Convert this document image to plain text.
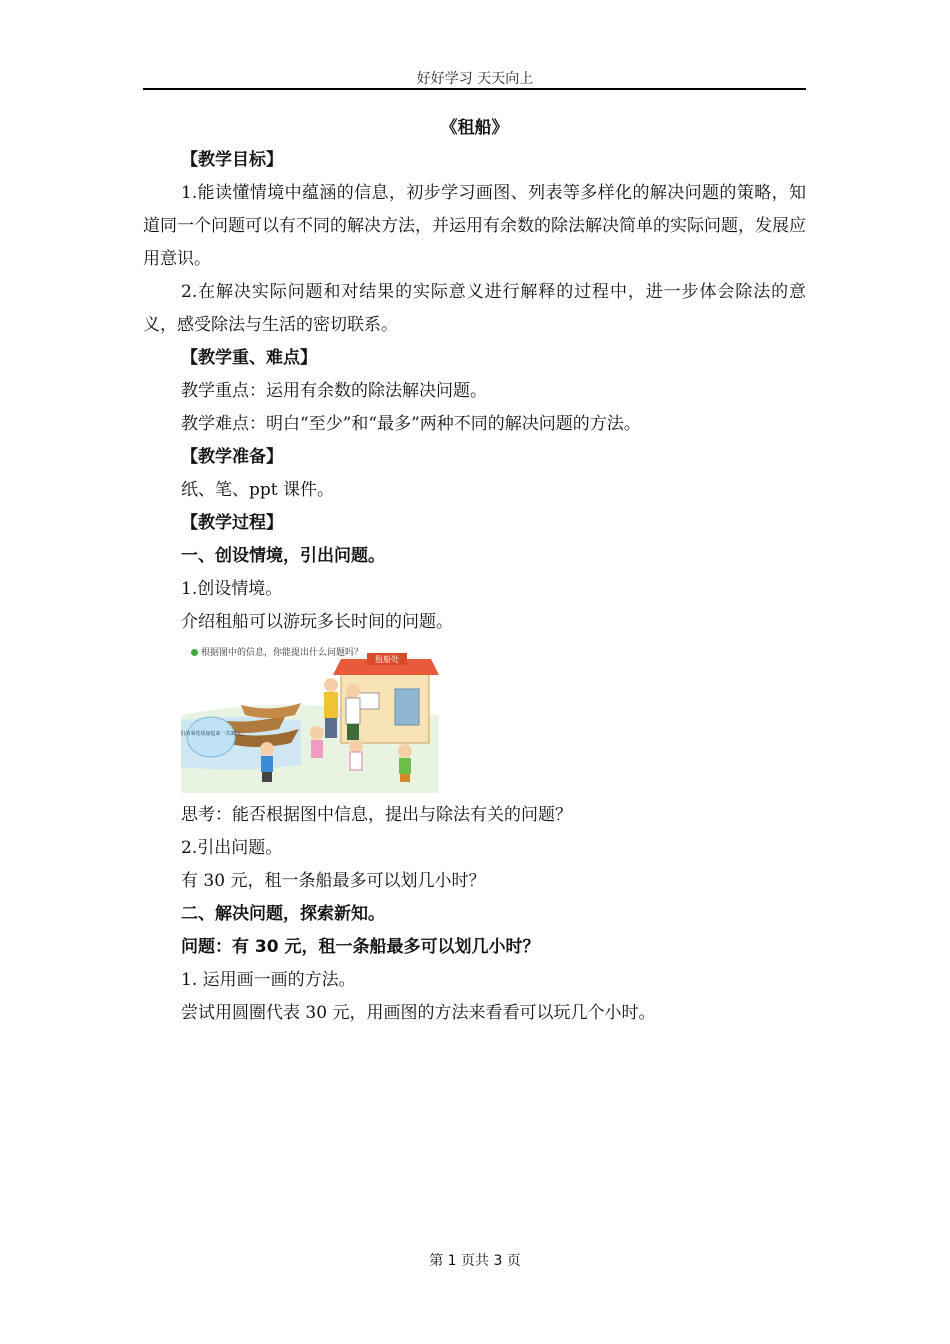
好好学习 天天向上
《租船》

【教学目标】

1.能读懂情境中蕴涵的信息，初步学习画图、列表等多样化的解决问题的策略，知道同一个问题可以有不同的解决方法，并运用有余数的除法解决简单的实际问题，发展应用意识。

2.在解决实际问题和对结果的实际意义进行解释的过程中，进一步体会除法的意义，感受除法与生活的密切联系。

【教学重、难点】

教学重点：运用有余数的除法解决问题。

教学难点：明白“至少”和“最多”两种不同的解决问题的方法。

【教学准备】

纸、笔、ppt 课件。

【教学过程】

一、创设情境，引出问题。

1.创设情境。

介绍租船可以游玩多长时间的问题。

租船处
我们的零花钱加起来一共30元。
根据图中的信息，你能提出什么问题吗？

思考：能否根据图中信息，提出与除法有关的问题？

2.引出问题。

有 30 元，租一条船最多可以划几小时？

二、解决问题，探索新知。

问题：有 30 元，租一条船最多可以划几小时？

1. 运用画一画的方法。

尝试用圆圈代表 30 元，用画图的方法来看看可以玩几个小时。

第 1 页共 3 页
